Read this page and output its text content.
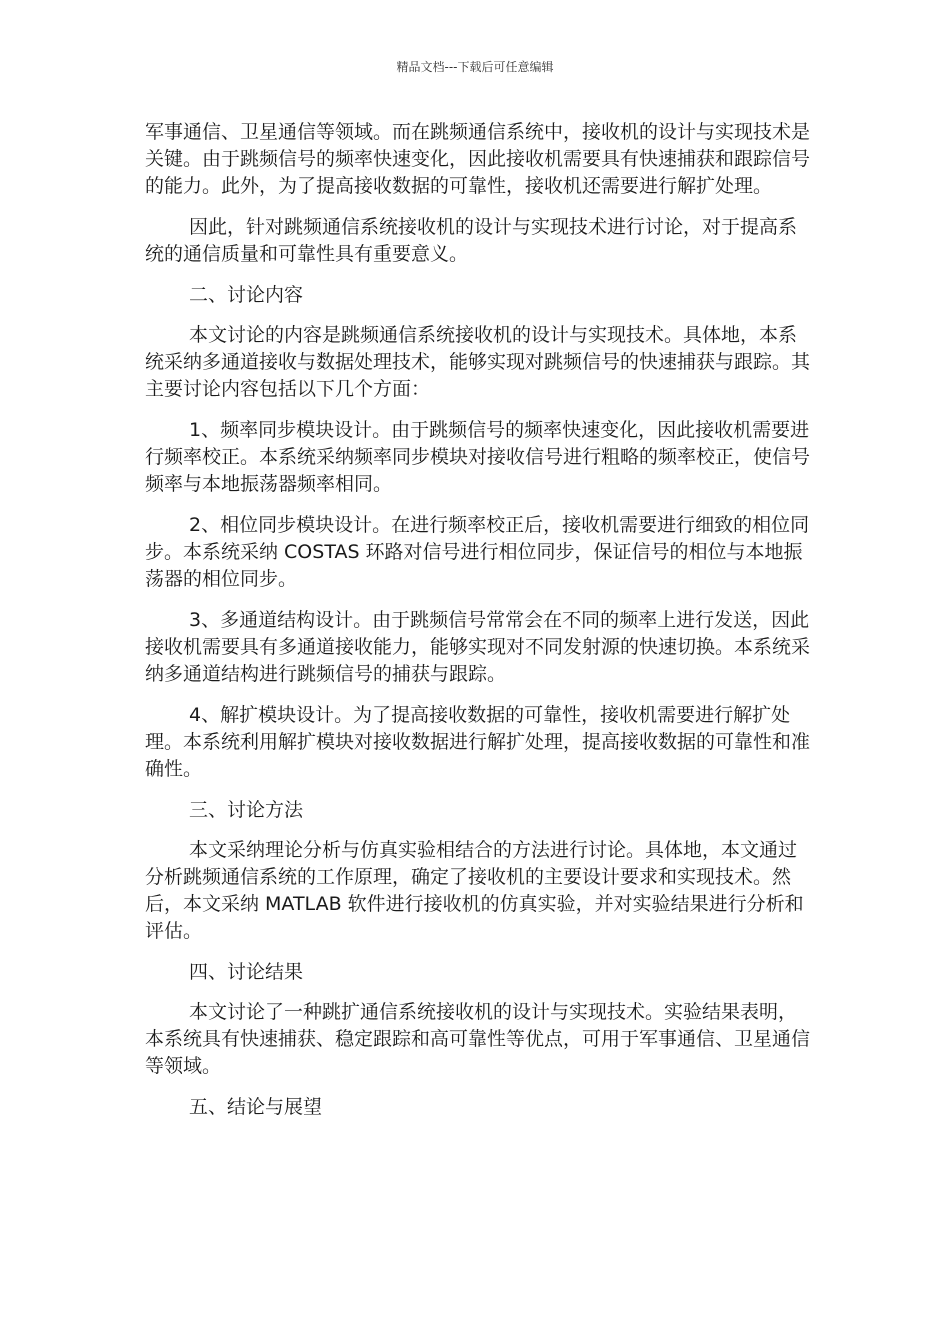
精品文档---下载后可任意编辑

军事通信、卫星通信等领域。而在跳频通信系统中，接收机的设计与实现技术是关键。由于跳频信号的频率快速变化，因此接收机需要具有快速捕获和跟踪信号的能力。此外，为了提高接收数据的可靠性，接收机还需要进行解扩处理。

因此，针对跳频通信系统接收机的设计与实现技术进行讨论，对于提高系统的通信质量和可靠性具有重要意义。

二、讨论内容

本文讨论的内容是跳频通信系统接收机的设计与实现技术。具体地，本系统采纳多通道接收与数据处理技术，能够实现对跳频信号的快速捕获与跟踪。其主要讨论内容包括以下几个方面：

1、频率同步模块设计。由于跳频信号的频率快速变化，因此接收机需要进行频率校正。本系统采纳频率同步模块对接收信号进行粗略的频率校正，使信号频率与本地振荡器频率相同。

2、相位同步模块设计。在进行频率校正后，接收机需要进行细致的相位同步。本系统采纳 COSTAS 环路对信号进行相位同步，保证信号的相位与本地振荡器的相位同步。

3、多通道结构设计。由于跳频信号常常会在不同的频率上进行发送，因此接收机需要具有多通道接收能力，能够实现对不同发射源的快速切换。本系统采纳多通道结构进行跳频信号的捕获与跟踪。

4、解扩模块设计。为了提高接收数据的可靠性，接收机需要进行解扩处理。本系统利用解扩模块对接收数据进行解扩处理，提高接收数据的可靠性和准确性。

三、讨论方法

本文采纳理论分析与仿真实验相结合的方法进行讨论。具体地，本文通过分析跳频通信系统的工作原理，确定了接收机的主要设计要求和实现技术。然后，本文采纳 MATLAB 软件进行接收机的仿真实验，并对实验结果进行分析和评估。

四、讨论结果

本文讨论了一种跳扩通信系统接收机的设计与实现技术。实验结果表明，本系统具有快速捕获、稳定跟踪和高可靠性等优点，可用于军事通信、卫星通信等领域。

五、结论与展望
